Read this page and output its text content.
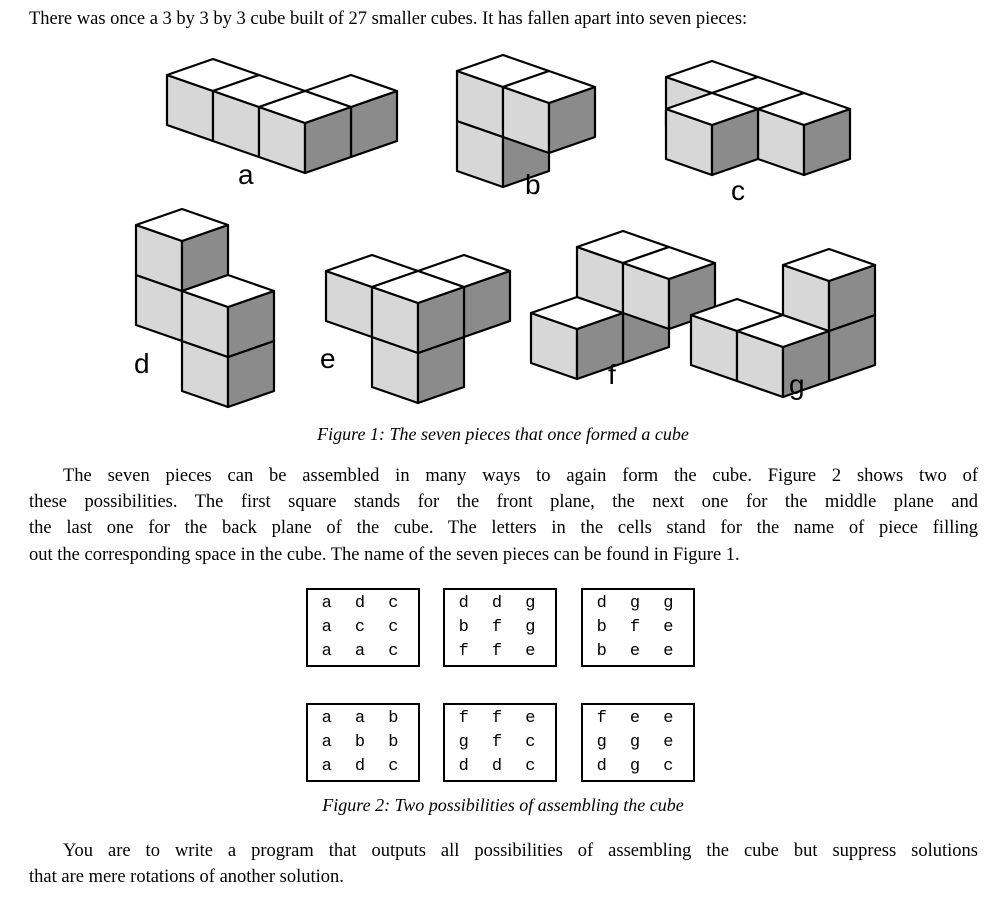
There was once a 3 by 3 by 3 cube built of 27 smaller cubes. It has fallen apart into seven pieces:
a	b	c
d	e
f	g
Figure 1: The seven pieces that once formed a cube
The seven pieces can be assembled in many ways to again form the cube. Figure 2 shows two of
these possibilities. The first square stands for the front plane, the next one for the middle plane and
the last one for the back plane of the cube. The letters in the cells stand for the name of piece filling
out the corresponding space in the cube. The name of the seven pieces can be found in Figure 1.
a d c
a c c
a a c
d d g
b f g
f f e
d g g
b f e
b e e
a a b
a b b
a d c
f f e
g f c
d d c
f e e
g g e
d g c
Figure 2: Two possibilities of assembling the cube
You are to write a program that outputs all possibilities of assembling the cube but suppress solutions
that are mere rotations of another solution.
